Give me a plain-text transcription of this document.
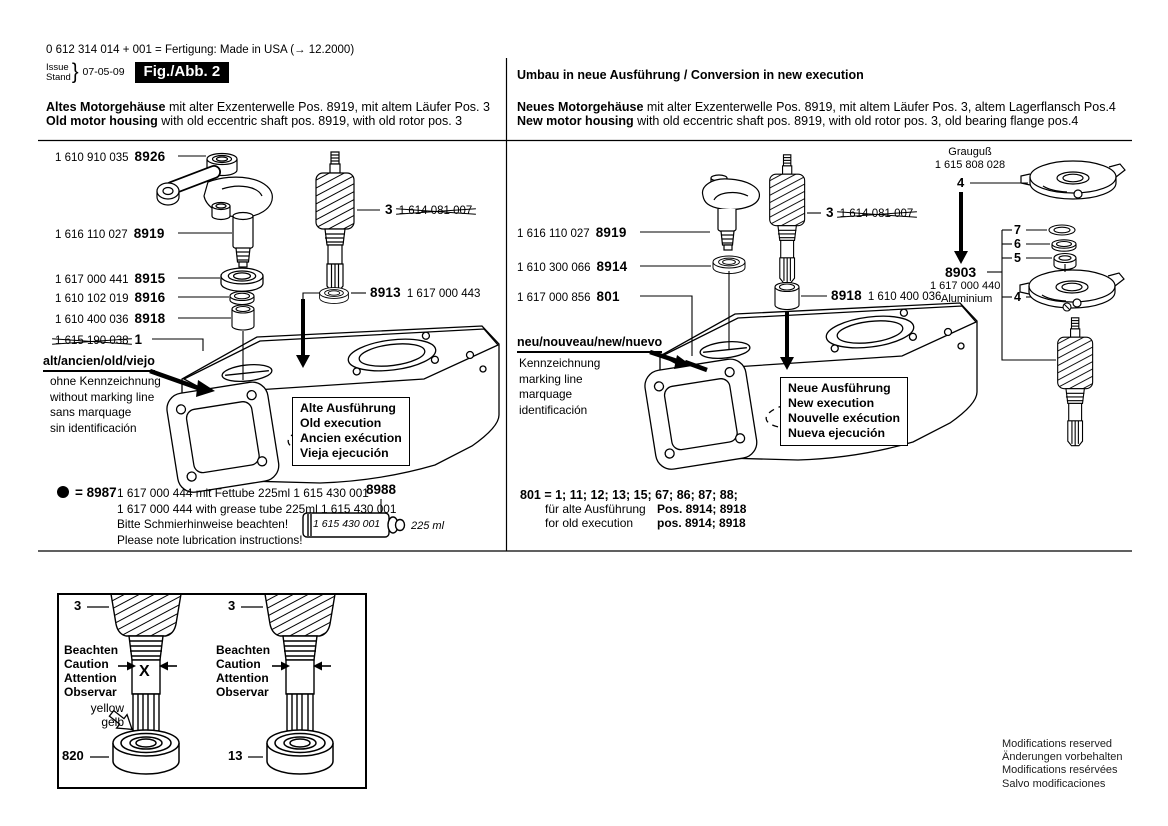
0 612 314 014 + 001 = Fertigung: Made in USA (→ 12.2000)
Issue
Stand } 07-05-09	Fig./Abb. 2	Umbau in neue Ausführung / Conversion in new execution
Altes Motorgehäuse mit alter Exzenterwelle Pos. 8919, mit altem Läufer Pos. 3
Old motor housing with old eccentric shaft pos. 8919, with old rotor pos. 3
Neues Motorgehäuse mit alter Exzenterwelle Pos. 8919, mit altem Läufer Pos. 3, altem Lagerflansch Pos.4
New motor housing with old eccentric shaft pos. 8919, with old rotor pos. 3, old bearing flange pos.4
1 610 910 035 8926
1 616 110 027 8919
1 617 000 441 8915
1 610 102 019 8916
1 610 400 036 8918
1 615 190 038 1
3 1 614 081 007
8913 1 617 000 443
alt/ancien/old/viejo
ohne Kennzeichnung
without marking line
sans marquage
sin identificación
Alte Ausführung
Old execution
Ancien exécution
Vieja ejecución
= 8987 1 617 000 444 mit Fettube 225ml 1 615 430 001
1 617 000 444 with grease tube 225ml 1 615 430 001
Bitte Schmierhinweise beachten!
Please note lubrication instructions!
8988
1 615 430 001	225 ml
1 616 110 027 8919
1 610 300 066 8914
1 617 000 856 801
3 1 614 081 007
8918 1 610 400 036
neu/nouveau/new/nuevo
Kennzeichnung
marking line
marquage
identificación
Neue Ausführung
New execution
Nouvelle exécution
Nueva ejecución
Grauguß
1 615 808 028
4
7
6
5
4
8903
1 617 000 440
Aluminium
801 = 1; 11; 12; 13; 15; 67; 86; 87; 88;
für alte Ausführung Pos. 8914; 8918
for old execution	pos. 8914; 8918
3	3
Beachten
Caution
Attention
Observar
Beachten
Caution
Attention
Observar
X
yellow
gelb
820	13
Modifications reserved
Änderungen vorbehalten
Modifications resérvées
Salvo modificaciones
